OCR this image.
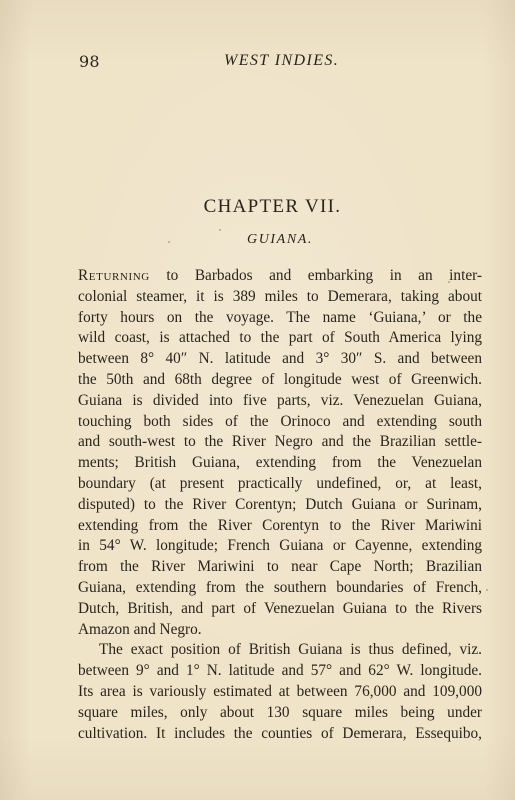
98	WEST INDIES.
CHAPTER VII.
GUIANA.
Returning to Barbados and embarking in an inter-
colonial steamer, it is 389 miles to Demerara, taking about
forty hours on the voyage. The name ‘Guiana,’ or the
wild coast, is attached to the part of South America lying
between 8° 40″ N. latitude and 3° 30″ S. and between
the 50th and 68th degree of longitude west of Greenwich.
Guiana is divided into five parts, viz. Venezuelan Guiana,
touching both sides of the Orinoco and extending south
and south-west to the River Negro and the Brazilian settle-
ments; British Guiana, extending from the Venezuelan
boundary (at present practically undefined, or, at least,
disputed) to the River Corentyn; Dutch Guiana or Surinam,
extending from the River Corentyn to the River Mariwini
in 54° W. longitude; French Guiana or Cayenne, extending
from the River Mariwini to near Cape North; Brazilian
Guiana, extending from the southern boundaries of French,
Dutch, British, and part of Venezuelan Guiana to the Rivers
Amazon and Negro.
The exact position of British Guiana is thus defined, viz.
between 9° and 1° N. latitude and 57° and 62° W. longitude.
Its area is variously estimated at between 76,000 and 109,000
square miles, only about 130 square miles being under
cultivation. It includes the counties of Demerara, Essequibo,
